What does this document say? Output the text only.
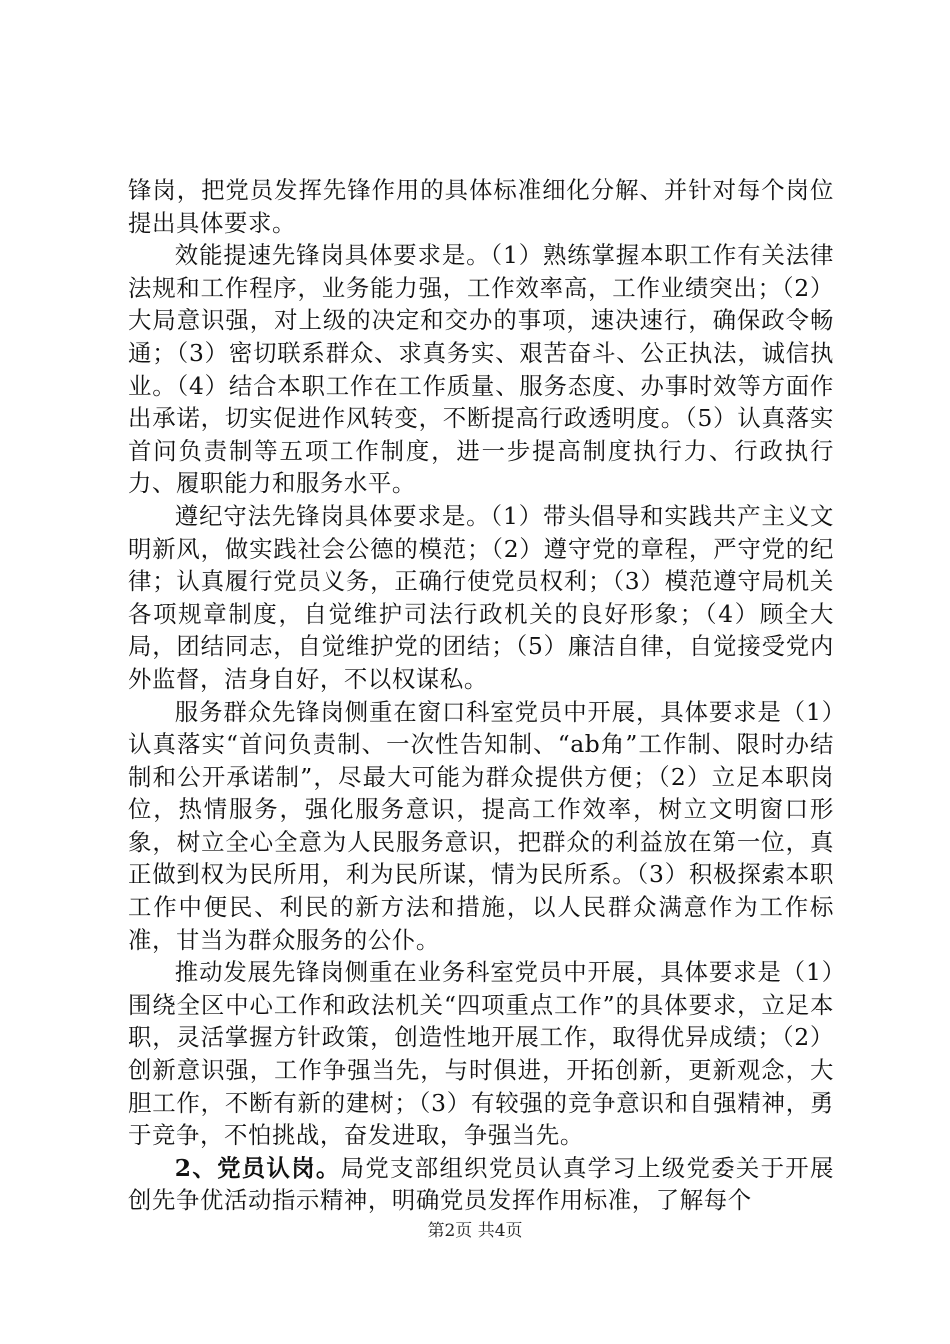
锋岗，把党员发挥先锋作用的具体标准细化分解、并针对每个岗位提出具体要求。

效能提速先锋岗具体要求是。（1）熟练掌握本职工作有关法律法规和工作程序，业务能力强，工作效率高，工作业绩突出；（2）大局意识强，对上级的决定和交办的事项，速决速行，确保政令畅通；（3）密切联系群众、求真务实、艰苦奋斗、公正执法，诚信执业。（4）结合本职工作在工作质量、服务态度、办事时效等方面作出承诺，切实促进作风转变，不断提高行政透明度。（5）认真落实首问负责制等五项工作制度，进一步提高制度执行力、行政执行力、履职能力和服务水平。

遵纪守法先锋岗具体要求是。（1）带头倡导和实践共产主义文明新风，做实践社会公德的模范；（2）遵守党的章程，严守党的纪律；认真履行党员义务，正确行使党员权利；（3）模范遵守局机关各项规章制度，自觉维护司法行政机关的良好形象；（4）顾全大局，团结同志，自觉维护党的团结；（5）廉洁自律，自觉接受党内外监督，洁身自好，不以权谋私。

服务群众先锋岗侧重在窗口科室党员中开展，具体要求是（1）认真落实“首问负责制、一次性告知制、“ab角”工作制、限时办结制和公开承诺制”，尽最大可能为群众提供方便；（2）立足本职岗位，热情服务，强化服务意识，提高工作效率，树立文明窗口形象，树立全心全意为人民服务意识，把群众的利益放在第一位，真正做到权为民所用，利为民所谋，情为民所系。（3）积极探索本职工作中便民、利民的新方法和措施，以人民群众满意作为工作标准，甘当为群众服务的公仆。

推动发展先锋岗侧重在业务科室党员中开展，具体要求是（1）围绕全区中心工作和政法机关“四项重点工作”的具体要求，立足本职，灵活掌握方针政策，创造性地开展工作，取得优异成绩；（2）创新意识强，工作争强当先，与时俱进，开拓创新，更新观念，大胆工作，不断有新的建树；（3）有较强的竞争意识和自强精神，勇于竞争，不怕挑战，奋发进取，争强当先。

2、党员认岗。局党支部组织党员认真学习上级党委关于开展创先争优活动指示精神，明确党员发挥作用标准，了解每个

第2页 共4页
